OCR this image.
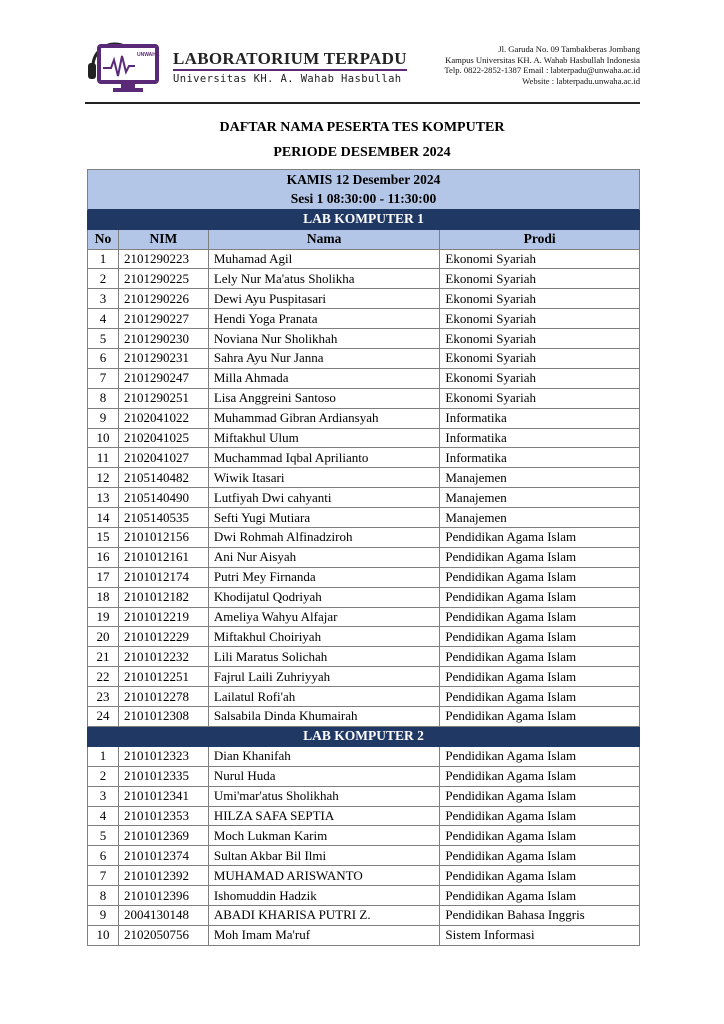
UNWAHA LABORATORIUM TERPADU
Universitas KH. A. Wahab Hasbullah
Jl. Garuda No. 09 Tambakberas Jombang
Kampus Universitas KH. A. Wahab Hasbullah Indonesia
Telp. 0822-2852-1387 Email : labterpadu@unwaha.ac.id
Website : labterpadu.unwaha.ac.id
DAFTAR NAMA PESERTA TES KOMPUTER
PERIODE DESEMBER 2024
KAMIS 12 Desember 2024			
Sesi 1 08:30:00 - 11:30:00			
LAB KOMPUTER 1			
No	NIM	Nama	Prodi
1	2101290223	Muhamad Agil	Ekonomi Syariah
2	2101290225	Lely Nur Ma'atus Sholikha	Ekonomi Syariah
3	2101290226	Dewi Ayu Puspitasari	Ekonomi Syariah
4	2101290227	Hendi Yoga Pranata	Ekonomi Syariah
5	2101290230	Noviana Nur Sholikhah	Ekonomi Syariah
6	2101290231	Sahra Ayu Nur Janna	Ekonomi Syariah
7	2101290247	Milla Ahmada	Ekonomi Syariah
8	2101290251	Lisa Anggreini Santoso	Ekonomi Syariah
9	2102041022	Muhammad Gibran Ardiansyah	Informatika
10	2102041025	Miftakhul Ulum	Informatika
11	2102041027	Muchammad Iqbal Aprilianto	Informatika
12	2105140482	Wiwik Itasari	Manajemen
13	2105140490	Lutfiyah Dwi cahyanti	Manajemen
14	2105140535	Sefti Yugi Mutiara	Manajemen
15	2101012156	Dwi Rohmah Alfinadziroh	Pendidikan Agama Islam
16	2101012161	Ani Nur Aisyah	Pendidikan Agama Islam
17	2101012174	Putri Mey Firnanda	Pendidikan Agama Islam
18	2101012182	Khodijatul Qodriyah	Pendidikan Agama Islam
19	2101012219	Ameliya Wahyu Alfajar	Pendidikan Agama Islam
20	2101012229	Miftakhul Choiriyah	Pendidikan Agama Islam
21	2101012232	Lili Maratus Solichah	Pendidikan Agama Islam
22	2101012251	Fajrul Laili Zuhriyyah	Pendidikan Agama Islam
23	2101012278	Lailatul Rofi'ah	Pendidikan Agama Islam
24	2101012308	Salsabila Dinda Khumairah	Pendidikan Agama Islam
LAB KOMPUTER 2			
1	2101012323	Dian Khanifah	Pendidikan Agama Islam
2	2101012335	Nurul Huda	Pendidikan Agama Islam
3	2101012341	Umi'mar'atus Sholikhah	Pendidikan Agama Islam
4	2101012353	HILZA SAFA SEPTIA	Pendidikan Agama Islam
5	2101012369	Moch Lukman Karim	Pendidikan Agama Islam
6	2101012374	Sultan Akbar Bil Ilmi	Pendidikan Agama Islam
7	2101012392	MUHAMAD ARISWANTO	Pendidikan Agama Islam
8	2101012396	Ishomuddin Hadzik	Pendidikan Agama Islam
9	2004130148	ABADI KHARISA PUTRI Z.	Pendidikan Bahasa Inggris
10	2102050756	Moh Imam Ma'ruf	Sistem Informasi
